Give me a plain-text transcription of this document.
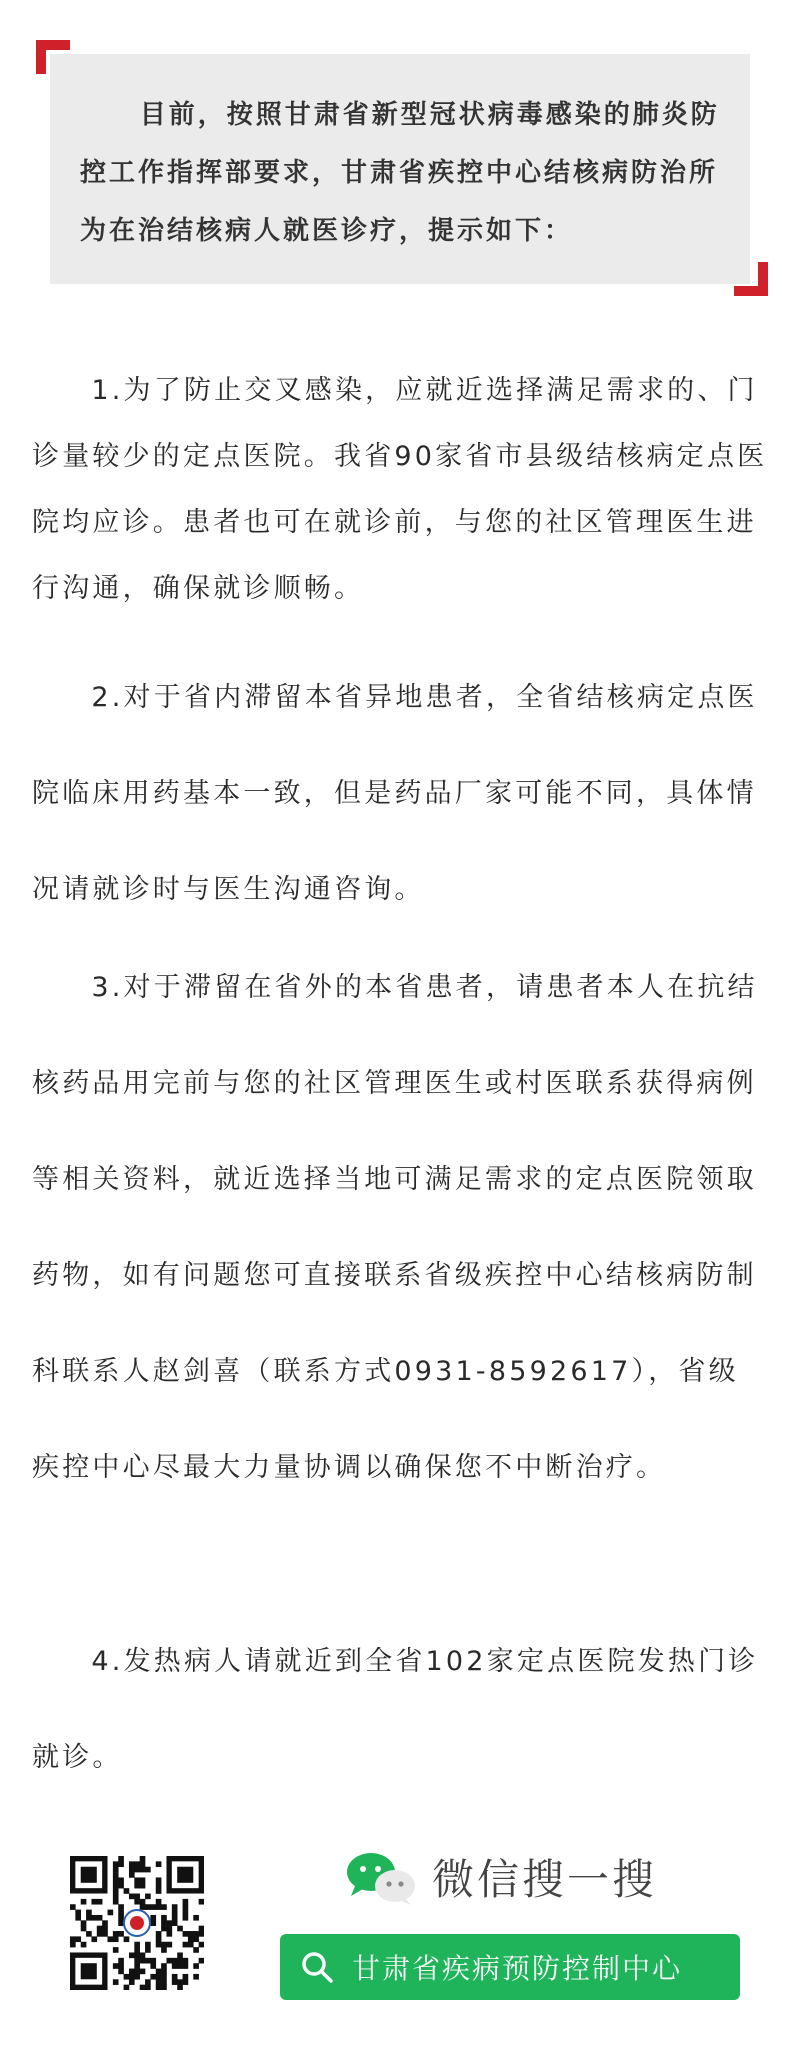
目前，按照甘肃省新型冠状病毒感染的肺炎防控工作指挥部要求，甘肃省疾控中心结核病防治所为在治结核病人就医诊疗，提示如下：

1.为了防止交叉感染，应就近选择满足需求的、门诊量较少的定点医院。我省90家省市县级结核病定点医院均应诊。患者也可在就诊前，与您的社区管理医生进行沟通，确保就诊顺畅。

2.对于省内滞留本省异地患者，全省结核病定点医院临床用药基本一致，但是药品厂家可能不同，具体情况请就诊时与医生沟通咨询。

3.对于滞留在省外的本省患者，请患者本人在抗结核药品用完前与您的社区管理医生或村医联系获得病例等相关资料，就近选择当地可满足需求的定点医院领取药物，如有问题您可直接联系省级疾控中心结核病防制科联系人赵剑喜（联系方式0931-8592617），省级疾控中心尽最大力量协调以确保您不中断治疗。

4.发热病人请就近到全省102家定点医院发热门诊就诊。

微信搜一搜
甘肃省疾病预防控制中心
